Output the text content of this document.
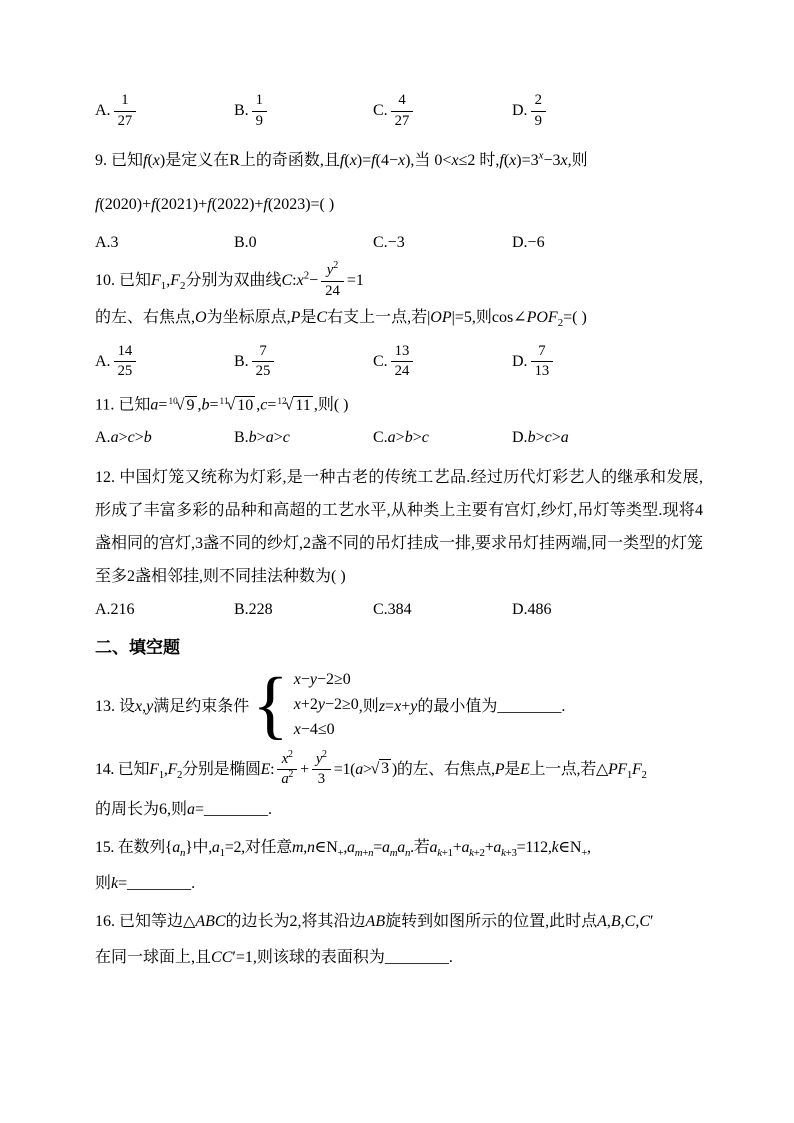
A. $\frac{1}{27}$	B. $\frac{1}{9}$	C. $\frac{4}{27}$	D. $\frac{2}{9}$
9. 已知f(x)是定义在R上的奇函数,且f(x)=f(4−x),当 0<x≤2 时$,f(x)=3^x-3x$,则
f(2020)+f(2021)+f(2022)+f(2023)=( )
A.3	B.0	C.−3	D.−6
10. 已知$F_1,F_2$分别为双曲线$C:x^2- \frac{y^2}{24} =1$
的左、右焦点,O为坐标原点,P是C右支上一点,若|OP|=5,则$\cos\angle POF_2=$( )
A. $\frac{14}{25}$	B. $\frac{7}{25}$	C. $\frac{13}{24}$	D. $\frac{7}{13}$
11. 已知a=$^{10}$√ 9 ,b=$^{11}$√ 10 ,c=$^{12}$√ 11 ,则( )
A.a>c>b	B.b>a>c	C.a>b>c	D.b>c>a
12. 中国灯笼又统称为灯彩,是一种古老的传统工艺品.经过历代灯彩艺人的继承和发展,形成了丰富多彩的品种和高超的工艺水平,从种类上主要有宫灯,纱灯,吊灯等类型.现将4盏相同的宫灯,3盏不同的纱灯,2盏不同的吊灯挂成一排,要求吊灯挂两端,同一类型的灯笼至多2盏相邻挂,则不同挂法种数为( )
A.216	B.228	C.384	D.486
二、填空题
13. 设x,y满足约束条件 { x−y−2≥0
x+2y−2≥0
x−4≤0
,则z=x+y的最小值为________.
14. 已知$F_1,F_2$分别是椭圆E: $\frac{x^2}{a^2} + \frac{y^2}{3} =1(a>√$ 3 )的左、右焦点,P是E上一点,若$\triangle PF_1F_2$
的周长为6,则a=________.
15. 在数列$\{a_n\}$中$,a_1=2$,对任意$m,n\in N_+,a_{m+n}=a_ma_n$.若$a_{k+1}+a_{k+2}+a_{k+3}=112,k\in N_+$,
则k=________.
16. 已知等边△ABC的边长为2,将其沿边AB旋转到如图所示的位置,此时点A,B,C,C′
在同一球面上,且CC′=1,则该球的表面积为________.
